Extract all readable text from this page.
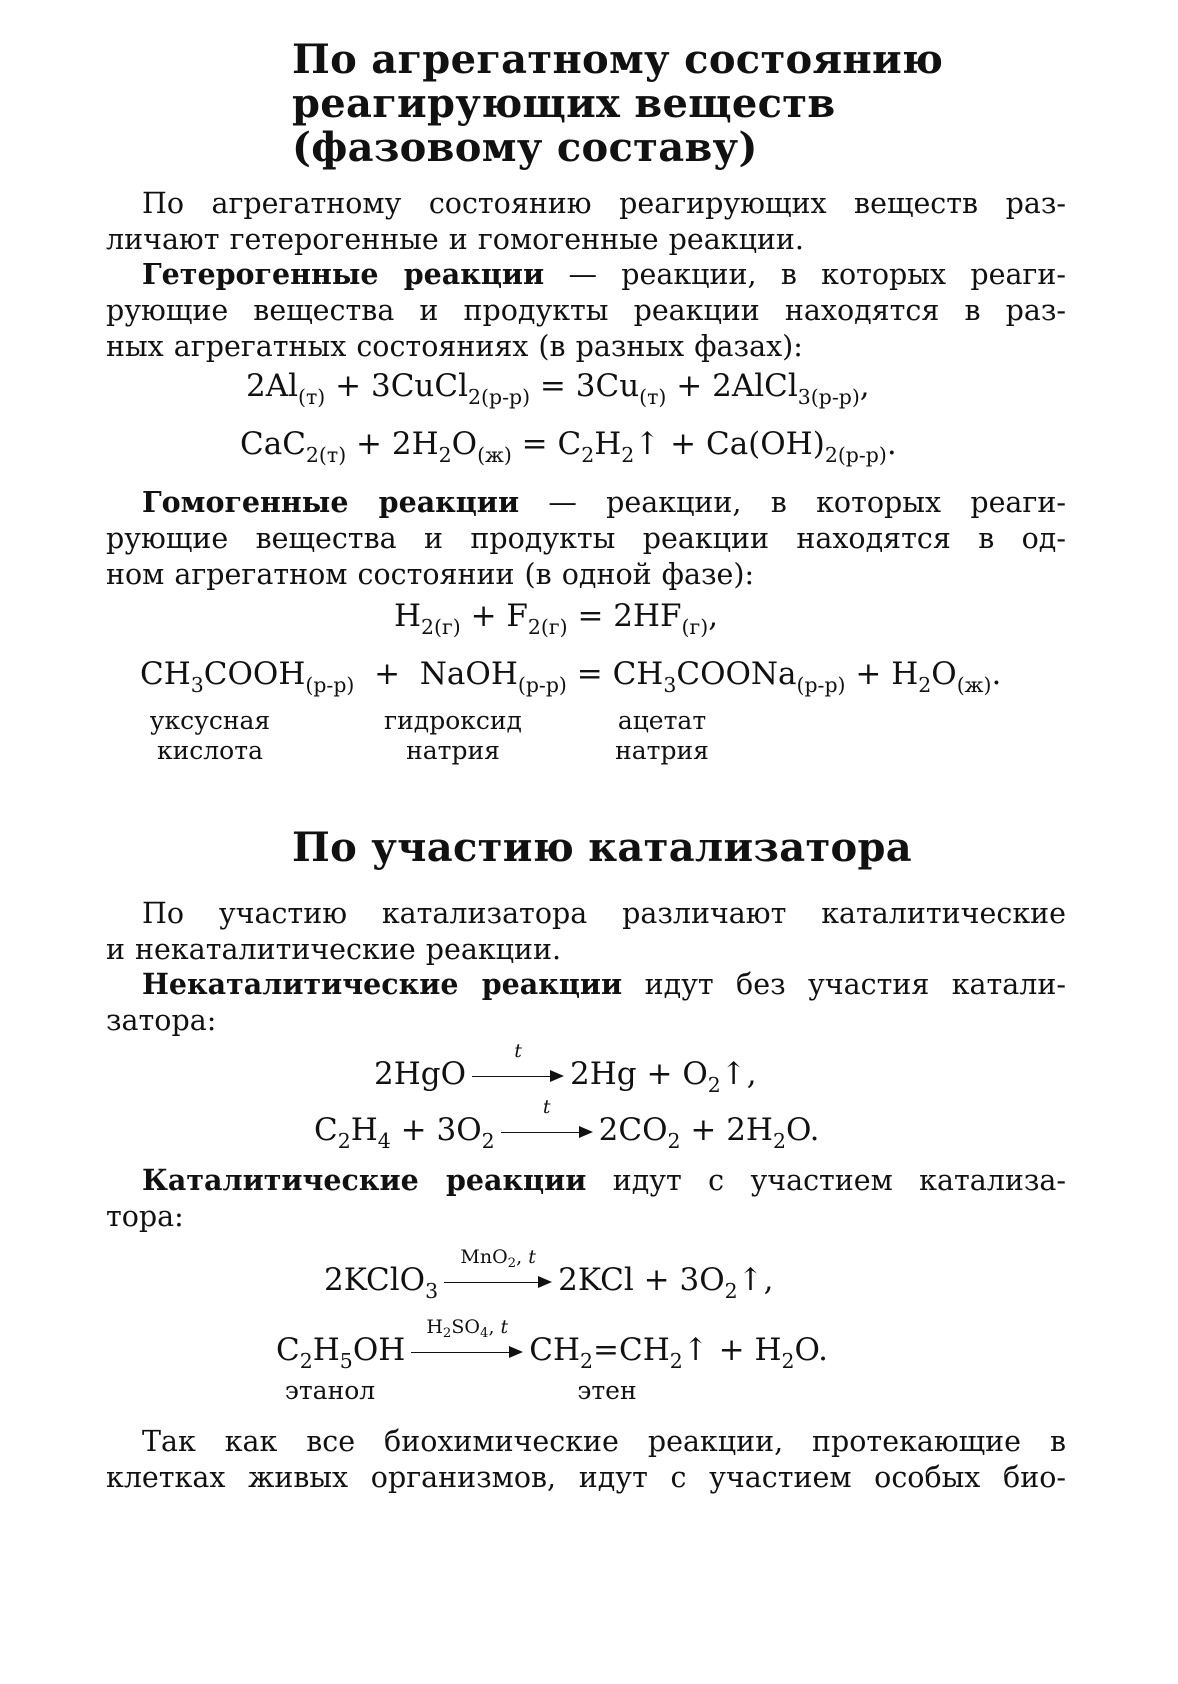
По агрегатному состоянию
реагирующих веществ
(фазовому составу)

По агрегатному состоянию реагирующих веществ раз-
личают гетерогенные и гомогенные реакции.

Гетерогенные реакции — реакции, в которых реаги-
рующие вещества и продукты реакции находятся в раз-
ных агрегатных состояниях (в разных фазах):

$2Al_{(т)}$ + 3CuCl$_{2(р-р)}$ = $3Cu_{(т)}$ + 2AlCl$_{3(р-р)}$,
$CaC_{2(т)} + 2H_2O_{(ж)}$ = $C_2H_2↑ + Ca(OH)_{2(р-р)}$.

Гомогенные реакции — реакции, в которых реаги-
рующие вещества и продукты реакции находятся в од-
ном агрегатном состоянии (в одной фазе):

$H_{2(г)} + F_{2(г)} = 2HF_{(г)}$,
$CH_3COOH_{(р-р)}$  +  NaOH$_{(р-р)}$ = $CH_3COONa_{(р-р)} + H_2O_{(ж)}$.
уксусная
кислота
гидроксид
натрия
ацетат
натрия
По участию катализатора

По участию катализатора различают каталитические
и некаталитические реакции.

Некаталитические реакции идут без участия катали-
затора:

2HgO
t
$2Hg + O_2↑$,
$C_2H_4 + 3O_2$
t
$2CO_2 + 2H_2O$.

Каталитические реакции идут с участием катализа-
тора:

2KClO$_3$
MnO$_2$, t
$2KCl + 3O_2↑$,
$C_2H_5OH$
$H_2SO_4$, t
$CH_2=CH_2↑ + H_2O$.
этанол	этен

Так как все биохимические реакции, протекающие в
клетках живых организмов, идут с участием особых био-
